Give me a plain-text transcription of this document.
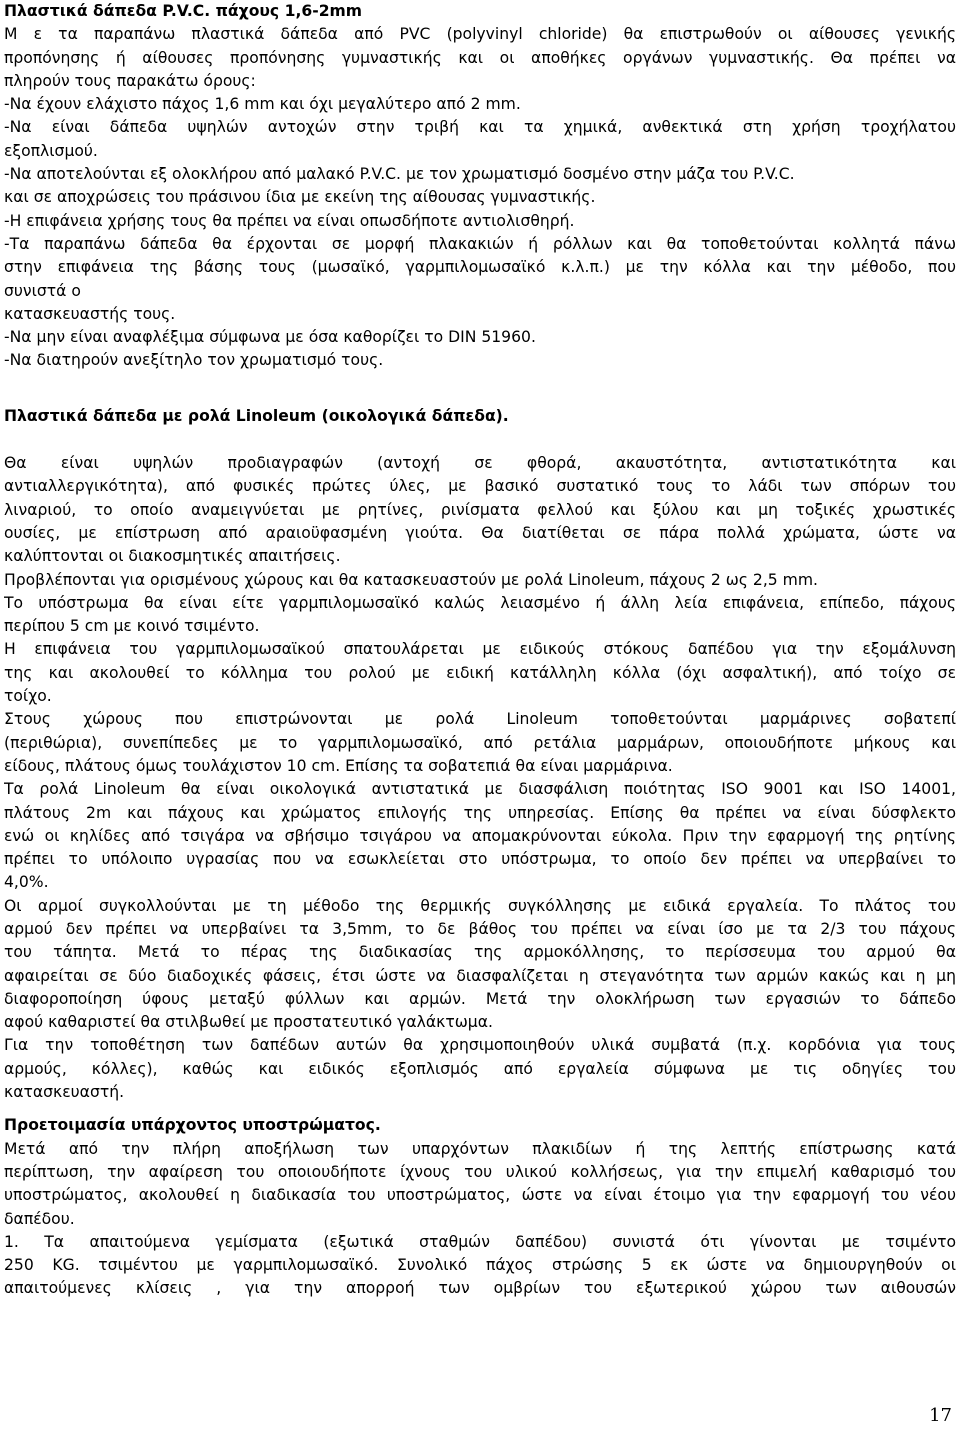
Πλαστικά δάπεδα P.V.C. πάχους 1,6-2mm

Μ ε τα παραπάνω πλαστικά δάπεδα από PVC (polyvinyl chloride) θα επιστρωθούν οι αίθουσες γενικής

προπόνησης ή αίθουσες προπόνησης γυμναστικής και οι αποθήκες οργάνων γυμναστικής. Θα πρέπει να

πληρούν τους παρακάτω όρους:

-Να έχουν ελάχιστο πάχος 1,6 mm και όχι μεγαλύτερο από 2 mm.

-Να είναι δάπεδα υψηλών αντοχών στην τριβή και τα χημικά, ανθεκτικά στη χρήση τροχήλατου

εξοπλισμού.

-Να αποτελούνται εξ ολοκλήρου από μαλακό P.V.C. με τον χρωματισμό δοσμένο στην μάζα του P.V.C.

και σε αποχρώσεις του πράσινου ίδια με εκείνη της αίθουσας γυμναστικής.

-Η επιφάνεια χρήσης τους θα πρέπει να είναι οπωσδήποτε αντιολισθηρή.

-Τα παραπάνω δάπεδα θα έρχονται σε μορφή πλακακιών ή ρόλλων και θα τοποθετούνται κολλητά πάνω

στην επιφάνεια της βάσης τους (μωσαϊκό, γαρμπιλομωσαϊκό κ.λ.π.) με την κόλλα και την μέθοδο, που

συνιστά ο

κατασκευαστής τους.

-Να μην είναι αναφλέξιμα σύμφωνα με όσα καθορίζει το DIN 51960.

-Να διατηρούν ανεξίτηλο τον χρωματισμό τους.

Πλαστικά δάπεδα με ρολά Linoleum (οικολογικά δάπεδα).

Θα είναι υψηλών προδιαγραφών (αντοχή σε φθορά, ακαυστότητα, αντιστατικότητα και

αντιαλλεργικότητα), από φυσικές πρώτες ύλες, με βασικό συστατικό τους το λάδι των σπόρων του

λιναριού, το οποίο αναμειγνύεται με ρητίνες, ρινίσματα φελλού και ξύλου και μη τοξικές χρωστικές

ουσίες, με επίστρωση από αραιοϋφασμένη γιούτα. Θα διατίθεται σε πάρα πολλά χρώματα, ώστε να

καλύπτονται οι διακοσμητικές απαιτήσεις.

Προβλέπονται για ορισμένους χώρους και θα κατασκευαστούν με ρολά Linoleum, πάχους 2 ως 2,5 mm.

Το υπόστρωμα θα είναι είτε γαρμπιλομωσαϊκό καλώς λειασμένο ή άλλη λεία επιφάνεια, επίπεδο, πάχους

περίπου 5 cm με κοινό τσιμέντο.

Η επιφάνεια του γαρμπιλομωσαϊκού σπατουλάρεται με ειδικούς στόκους δαπέδου για την εξομάλυνση

της και ακολουθεί το κόλλημα του ρολού με ειδική κατάλληλη κόλλα (όχι ασφαλτική), από τοίχο σε

τοίχο.

Στους χώρους που επιστρώνονται με ρολά Linoleum τοποθετούνται μαρμάρινες σοβατεπί

(περιθώρια), συνεπίπεδες με το γαρμπιλομωσαϊκό, από ρετάλια μαρμάρων, οποιουδήποτε μήκους και

είδους, πλάτους όμως τουλάχιστον 10 cm. Επίσης τα σοβατεπιά θα είναι μαρμάρινα.

Τα ρολά Linoleum θα είναι οικολογικά αντιστατικά με διασφάλιση ποιότητας ISO 9001 και ISO 14001,

πλάτους 2m και πάχους και χρώματος επιλογής της υπηρεσίας. Επίσης θα πρέπει να είναι δύσφλεκτο

ενώ οι κηλίδες από τσιγάρα να σβήσιμο τσιγάρου να απομακρύνονται εύκολα. Πριν την εφαρμογή της ρητίνης

πρέπει το υπόλοιπο υγρασίας που να εσωκλείεται στο υπόστρωμα, το οποίο δεν πρέπει να υπερβαίνει το

4,0%.

Οι αρμοί συγκολλούνται με τη μέθοδο της θερμικής συγκόλλησης με ειδικά εργαλεία. Το πλάτος του

αρμού δεν πρέπει να υπερβαίνει τα 3,5mm, το δε βάθος του πρέπει να είναι ίσο με τα 2/3 του πάχους

του τάπητα. Μετά το πέρας της διαδικασίας της αρμοκόλλησης, το περίσσευμα του αρμού θα

αφαιρείται σε δύο διαδοχικές φάσεις, έτσι ώστε να διασφαλίζεται η στεγανότητα των αρμών κακώς και η μη

διαφοροποίηση ύφους μεταξύ φύλλων και αρμών. Μετά την ολοκλήρωση των εργασιών το δάπεδο

αφού καθαριστεί θα στιλβωθεί με προστατευτικό γαλάκτωμα.

Για την τοποθέτηση των δαπέδων αυτών θα χρησιμοποιηθούν υλικά συμβατά (π.χ. κορδόνια για τους

αρμούς, κόλλες), καθώς και ειδικός εξοπλισμός από εργαλεία σύμφωνα με τις οδηγίες του

κατασκευαστή.

Προετοιμασία υπάρχοντος υποστρώματος.

Μετά από την πλήρη αποξήλωση των υπαρχόντων πλακιδίων ή της λεπτής επίστρωσης κατά

περίπτωση, την αφαίρεση του οποιουδήποτε ίχνους του υλικού κολλήσεως, για την επιμελή καθαρισμό του

υποστρώματος, ακολουθεί η διαδικασία του υποστρώματος, ώστε να είναι έτοιμο για την εφαρμογή του νέου

δαπέδου.

1. Τα απαιτούμενα γεμίσματα (εξωτικά σταθμών δαπέδου) συνιστά ότι γίνονται με τσιμέντο

250 KG. τσιμέντου με γαρμπιλομωσαϊκό. Συνολικό πάχος στρώσης 5 εκ ώστε να δημιουργηθούν οι

απαιτούμενες κλίσεις , για την απορροή των ομβρίων του εξωτερικού χώρου των αιθουσών

17
